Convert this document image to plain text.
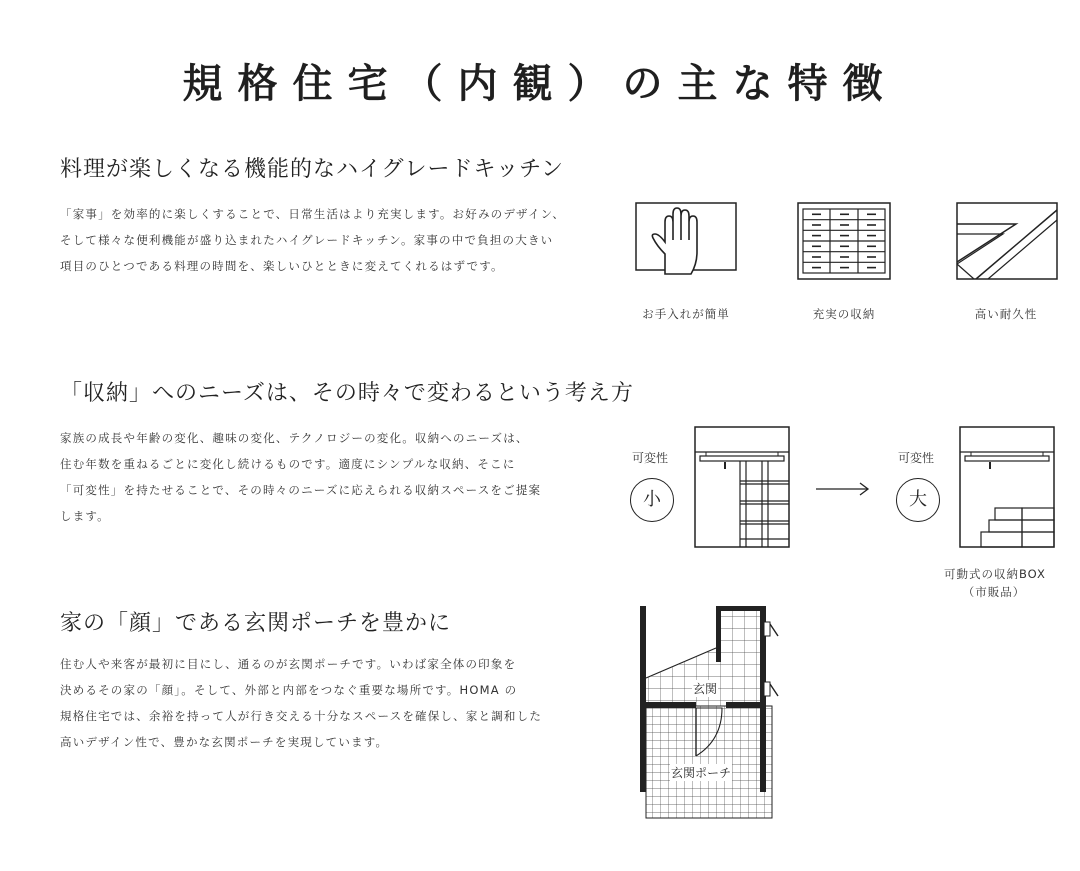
規格住宅（内観）の主な特徴
料理が楽しくなる機能的なハイグレードキッチン

「家事」を効率的に楽しくすることで、日常生活はより充実します。お好みのデザイン、

そして様々な便利機能が盛り込まれたハイグレードキッチン。家事の中で負担の大きい

項目のひとつである料理の時間を、楽しいひとときに変えてくれるはずです。

お手入れが簡単	充実の収納	高い耐久性
「収納」へのニーズは、その時々で変わるという考え方

家族の成長や年齢の変化、趣味の変化、テクノロジーの変化。収納へのニーズは、

住む年数を重ねるごとに変化し続けるものです。適度にシンプルな収納、そこに

「可変性」を持たせることで、その時々のニーズに応えられる収納スペースをご提案

します。

可変性
小
可変性
大
可動式の収納BOX
（市販品）
家の「顔」である玄関ポーチを豊かに

住む人や来客が最初に目にし、通るのが玄関ポーチです。いわば家全体の印象を

決めるその家の「顔」。そして、外部と内部をつなぐ重要な場所です。HOMA の

規格住宅では、余裕を持って人が行き交える十分なスペースを確保し、家と調和した

高いデザイン性で、豊かな玄関ポーチを実現しています。

玄関
玄関ポーチ
